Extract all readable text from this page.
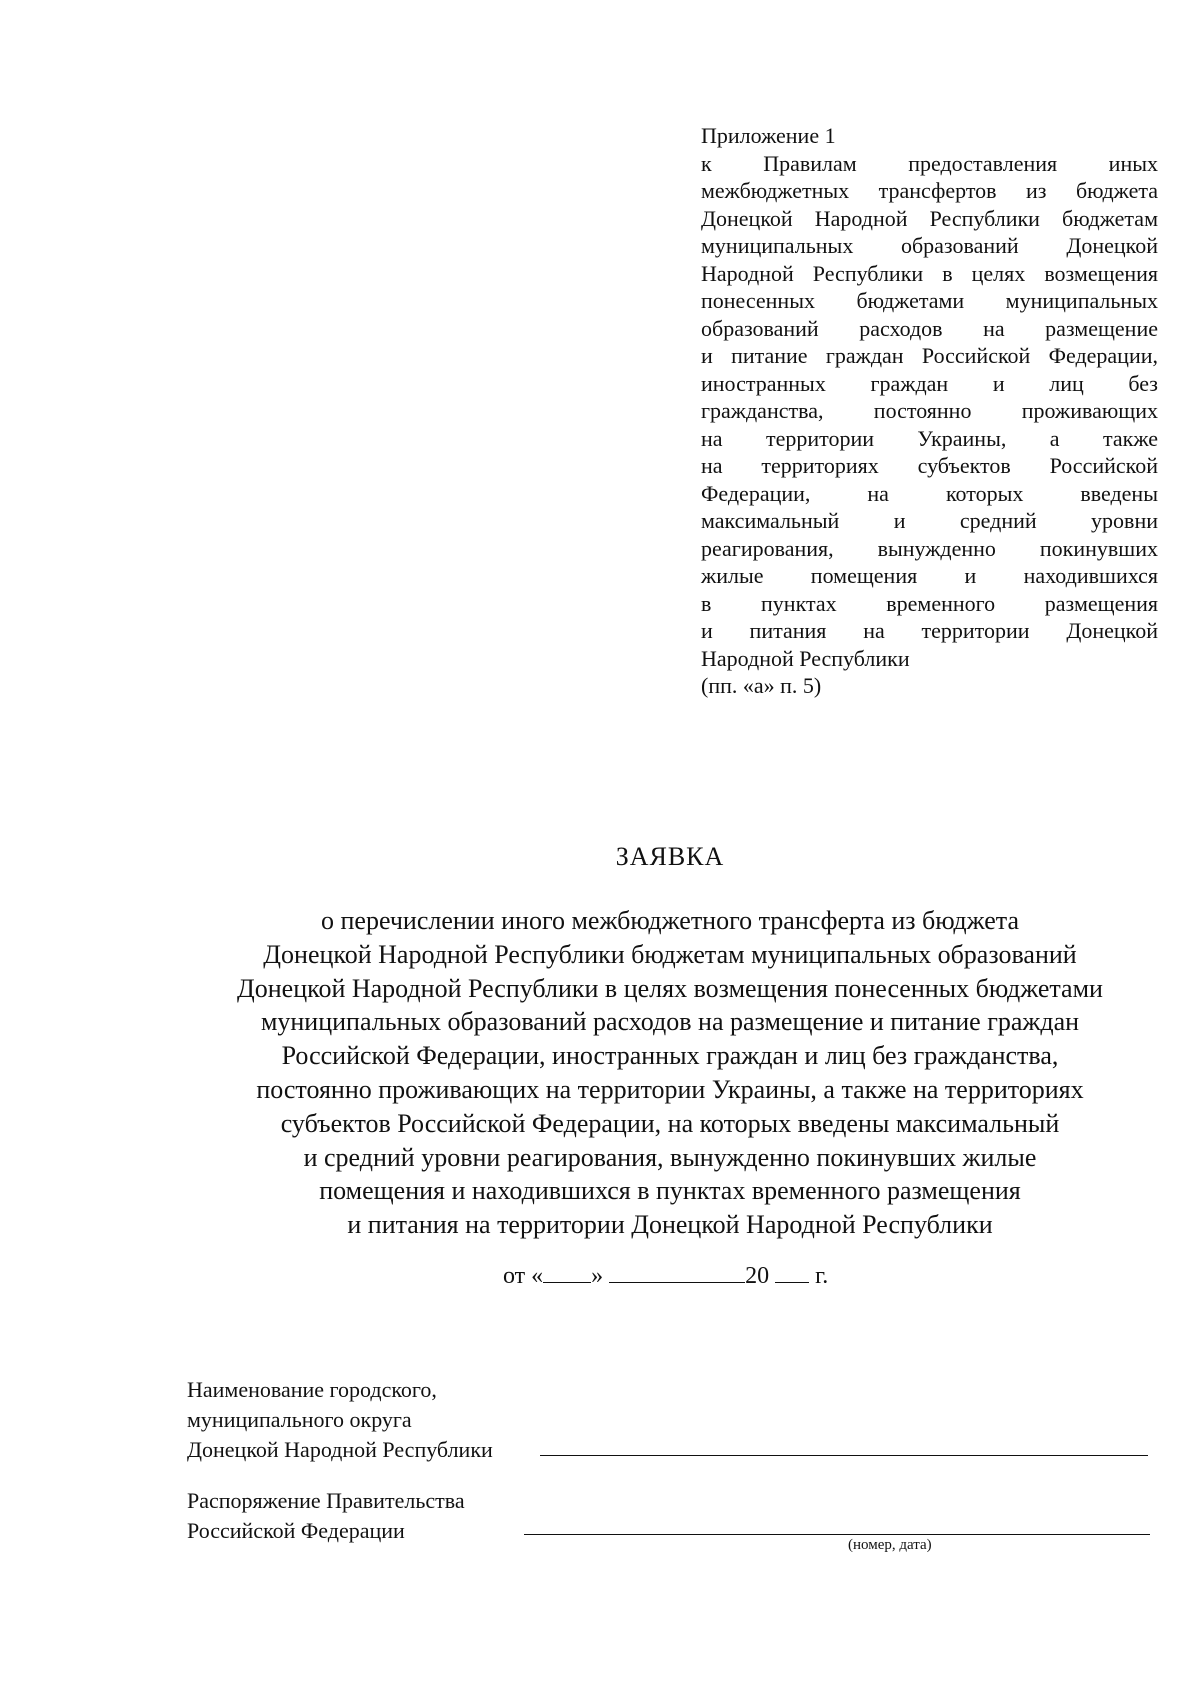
Приложение 1
к Правилам предоставления иных
межбюджетных трансфертов из бюджета
Донецкой Народной Республики бюджетам
муниципальных образований Донецкой
Народной Республики в целях возмещения
понесенных бюджетами муниципальных
образований расходов на размещение
и питание граждан Российской Федерации,
иностранных граждан и лиц без
гражданства, постоянно проживающих
на территории Украины, а также
на территориях субъектов Российской
Федерации, на которых введены
максимальный и средний уровни
реагирования, вынужденно покинувших
жилые помещения и находившихся
в пунктах временного размещения
и питания на территории Донецкой
Народной Республики
(пп. «а» п. 5)
ЗАЯВКА
о перечислении иного межбюджетного трансферта из бюджета
Донецкой Народной Республики бюджетам муниципальных образований
Донецкой Народной Республики в целях возмещения понесенных бюджетами
муниципальных образований расходов на размещение и питание граждан
Российской Федерации, иностранных граждан и лиц без гражданства,
постоянно проживающих на территории Украины, а также на территориях
субъектов Российской Федерации, на которых введены максимальный
и средний уровни реагирования, вынужденно покинувших жилые
помещения и находившихся в пунктах временного размещения
и питания на территории Донецкой Народной Республики
от « »	20 г.
Наименование городского,
муниципального округа
Донецкой Народной Республики
Распоряжение Правительства
Российской Федерации
(номер, дата)
